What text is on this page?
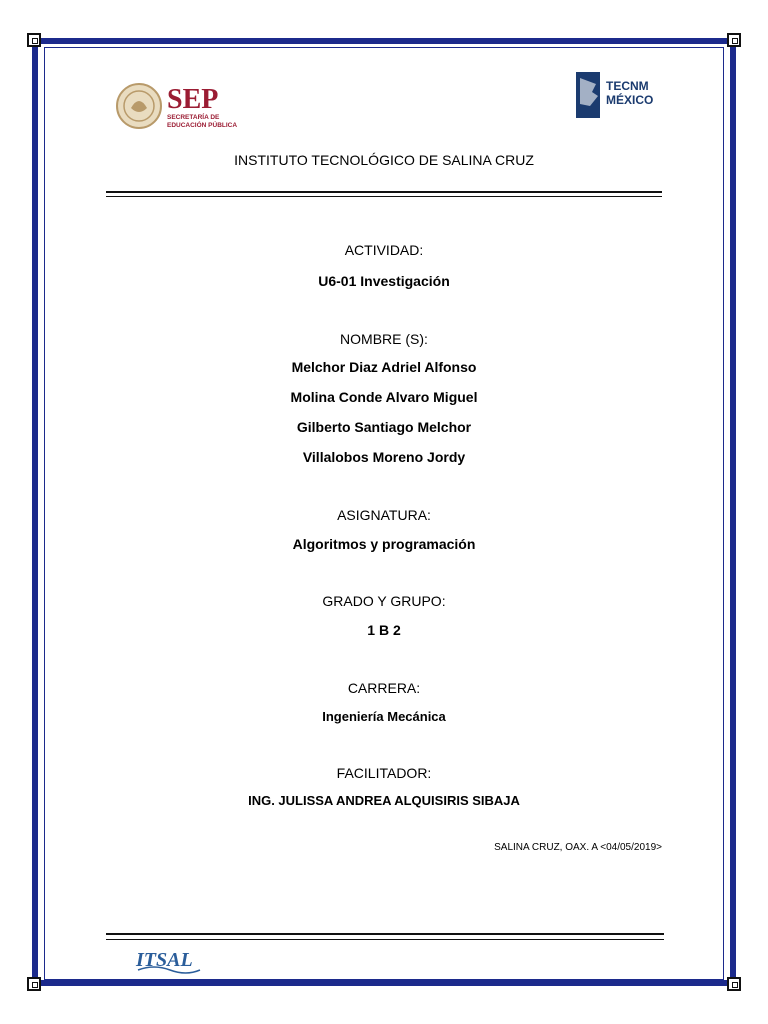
SEP
SECRETARÍA DE
EDUCACIÓN PÚBLICA
TECNM
MÉXICO
INSTITUTO TECNOLÓGICO DE SALINA CRUZ
ACTIVIDAD:
U6-01 Investigación
NOMBRE (S):
Melchor Diaz Adriel Alfonso
Molina Conde Alvaro Miguel
Gilberto Santiago Melchor
Villalobos Moreno Jordy
ASIGNATURA:
Algoritmos y programación
GRADO Y GRUPO:
1 B 2
CARRERA:
Ingeniería Mecánica
FACILITADOR:
ING. JULISSA ANDREA ALQUISIRIS SIBAJA
SALINA CRUZ, OAX. A <04/05/2019>
ITSAL
